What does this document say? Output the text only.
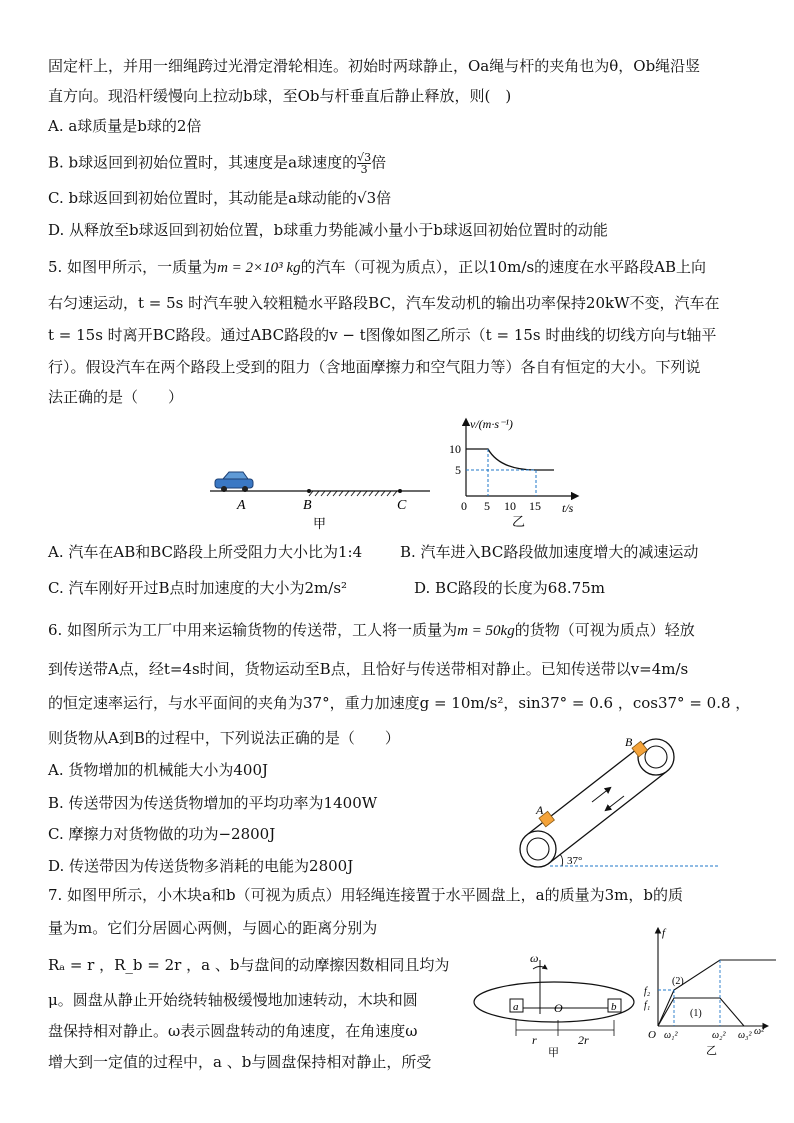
固定杆上，并用一细绳跨过光滑定滑轮相连。初始时两球静止，Oa绳与杆的夹角也为θ，Ob绳沿竖
直方向。现沿杆缓慢向上拉动b球，至Ob与杆垂直后静止释放，则(　)
A. a球质量是b球的2倍
B. b球返回到初始位置时，其速度是a球速度的 $\frac{√3}{3}$ 倍
C. b球返回到初始位置时，其动能是a球动能的√3倍
D. 从释放至b球返回到初始位置，b球重力势能减小量小于b球返回初始位置时的动能
5. 如图甲所示，一质量为m = 2×10³ kg的汽车（可视为质点），正以10m/s的速度在水平路段AB上向
右匀速运动，t = 5s 时汽车驶入较粗糙水平路段BC，汽车发动机的输出功率保持20kW不变，汽车在
t = 15s 时离开BC路段。通过ABC路段的v − t图像如图乙所示（t = 15s 时曲线的切线方向与t轴平
行）。假设汽车在两个路段上受到的阻力（含地面摩擦力和空气阻力等）各自有恒定的大小。下列说
法正确的是（　　）
A	B	C
甲
v/(m·s⁻¹)
t/s
10
5
0 5 10 15
乙
A. 汽车在AB和BC路段上所受阻力大小比为1:4	B. 汽车进入BC路段做加速度增大的减速运动
C. 汽车刚好开过B点时加速度的大小为2m/s²	D. BC路段的长度为68.75m
6. 如图所示为工厂中用来运输货物的传送带，工人将一质量为m = 50kg的货物（可视为质点）轻放
到传送带A点，经t=4s时间，货物运动至B点，且恰好与传送带相对静止。已知传送带以v=4m/s
的恒定速率运行，与水平面间的夹角为37°，重力加速度g = 10m/s²，sin37° = 0.6 ，cos37° = 0.8 ，
则货物从A到B的过程中，下列说法正确的是（　　）
A. 货物增加的机械能大小为400J
B. 传送带因为传送货物增加的平均功率为1400W
C. 摩擦力对货物做的功为−2800J
D. 传送带因为传送货物多消耗的电能为2800J
A
B
37°
7. 如图甲所示，小木块a和b（可视为质点）用轻绳连接置于水平圆盘上，a的质量为3m，b的质
量为m。它们分居圆心两侧，与圆心的距离分别为
Rₐ = r ，R_b = 2r ，a 、b与盘间的动摩擦因数相同且均为
μ。圆盘从静止开始绕转轴极缓慢地加速转动，木块和圆
盘保持相对静止。ω表示圆盘转动的角速度，在角速度ω
增大到一定值的过程中，a 、b与圆盘保持相对静止，所受
ω
a	b
O
r	2r
甲
f
f₂
f₁
O ω₁²	ω₂² ω₃² ω²
(2)
(1)
乙
